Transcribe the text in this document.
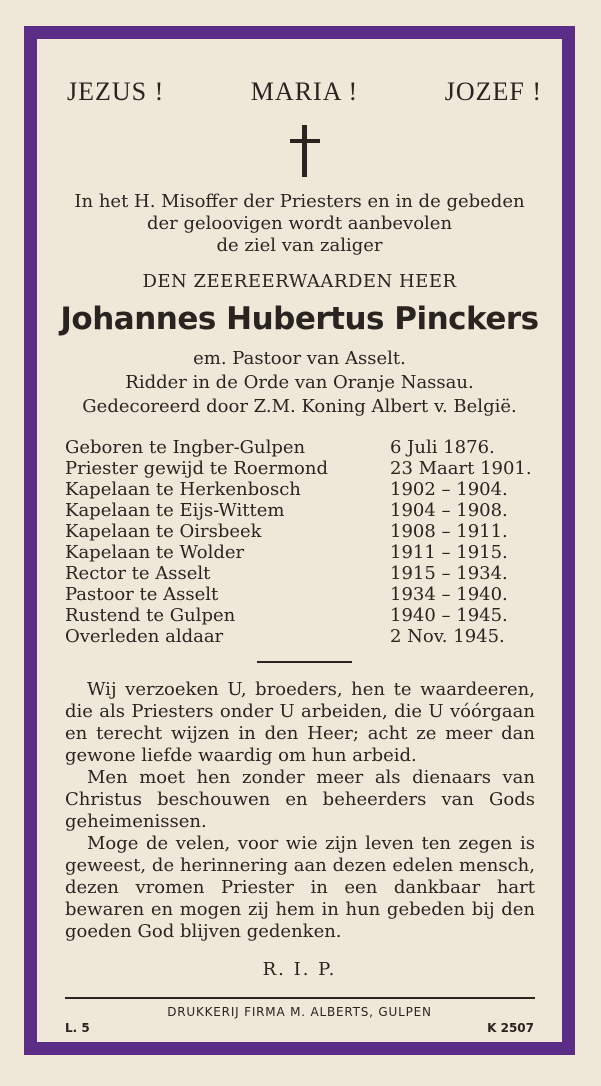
JEZUS !	MARIA !	JOZEF !
In het H. Misoffer der Priesters en in de gebeden
der geloovigen wordt aanbevolen
de ziel van zaliger
DEN ZEEREERWAARDEN HEER
Johannes Hubertus Pinckers
em. Pastoor van Asselt.
Ridder in de Orde van Oranje Nassau.
Gedecoreerd door Z.M. Koning Albert v. België.
Geboren te Ingber-Gulpen	6 Juli 1876.
Priester gewijd te Roermond	23 Maart 1901.
Kapelaan te Herkenbosch	1902 – 1904.
Kapelaan te Eijs-Wittem	1904 – 1908.
Kapelaan te Oirsbeek	1908 – 1911.
Kapelaan te Wolder	1911 – 1915.
Rector te Asselt	1915 – 1934.
Pastoor te Asselt	1934 – 1940.
Rustend te Gulpen	1940 – 1945.
Overleden aldaar	2 Nov. 1945.

Wij verzoeken U, broeders, hen te waardeeren, die als Priesters onder U arbeiden, die U vóórgaan en terecht wijzen in den Heer; acht ze meer dan gewone liefde waardig om hun arbeid.

Men moet hen zonder meer als dienaars van Christus beschouwen en beheerders van Gods geheimenissen.

Moge de velen, voor wie zijn leven ten zegen is geweest, de herinnering aan dezen edelen mensch, dezen vromen Priester in een dankbaar hart bewaren en mogen zij hem in hun gebeden bij den goeden God blijven gedenken.

R. I. P.
DRUKKERIJ FIRMA M. ALBERTS, GULPEN
L. 5	K 2507
